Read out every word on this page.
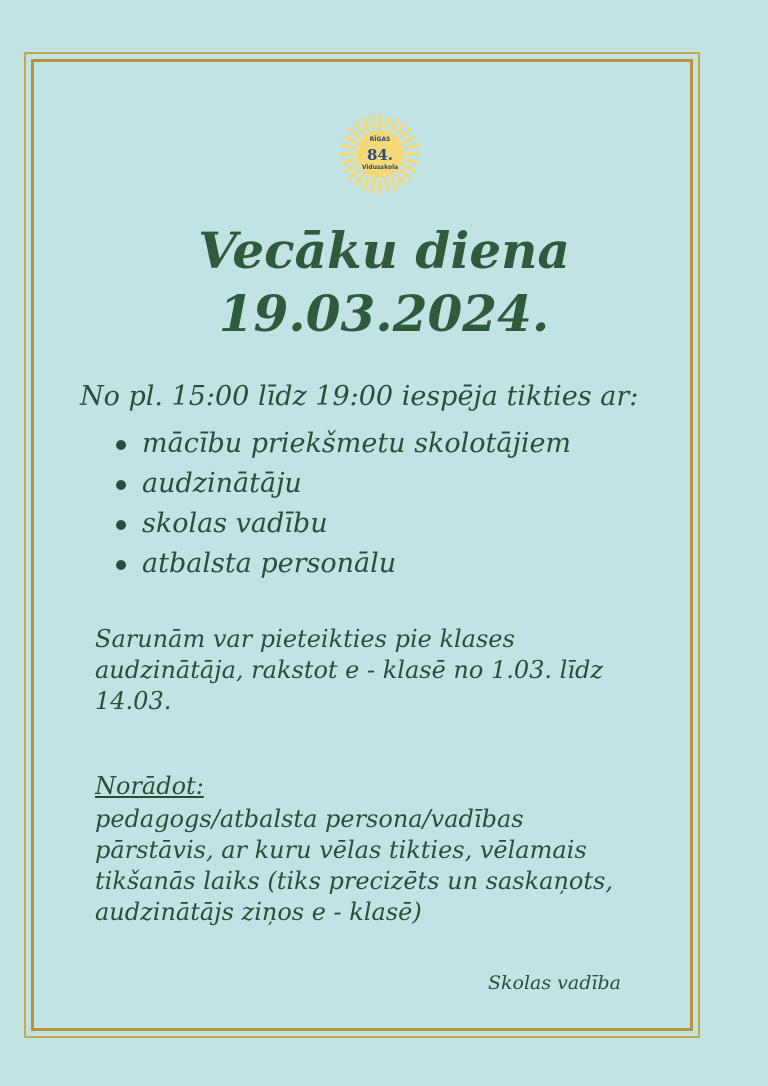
RĪGAS
84.
Vidusskola
Vecāku diena
19.03.2024.
No pl. 15:00 līdz 19:00 iespēja tikties ar:
mācību priekšmetu skolotājiem
audzinātāju
skolas vadību
atbalsta personālu

Sarunām var pieteikties pie klases
audzinātāja, rakstot e - klasē no 1.03. līdz
14.03.

Norādot:

pedagogs/atbalsta persona/vadības
pārstāvis, ar kuru vēlas tikties, vēlamais
tikšanās laiks (tiks precizēts un saskaņots,
audzinātājs ziņos e - klasē)

Skolas vadība
